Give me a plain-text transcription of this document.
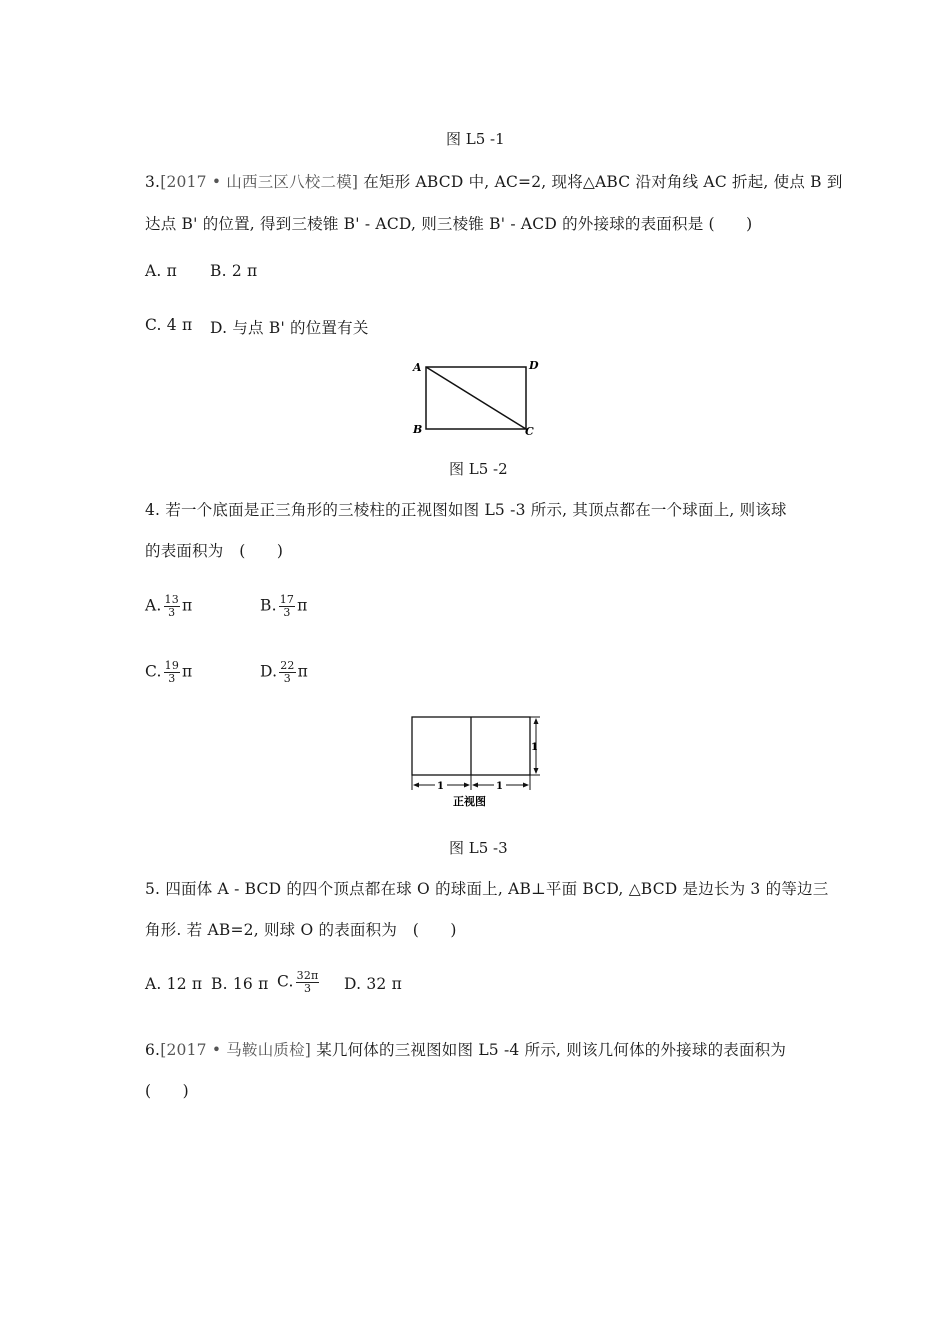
图 L5 -1
3.[2017 • 山西三区八校二模] 在矩形 ABCD 中, AC=2, 现将△ABC 沿对角线 AC 折起, 使点 B 到
达点 B' 的位置, 得到三棱锥 B' - ACD, 则三棱锥 B' - ACD 的外接球的表面积是 (　　)
A. π B. 2 π
C. 4 π D. 与点 B' 的位置有关
A	D
B	C
图 L5 -2
4. 若一个底面是正三角形的三棱柱的正视图如图 L5 -3 所示, 其顶点都在一个球面上, 则该球
的表面积为　(　　)
A. $\frac{13}{3}$ π	B. $\frac{17}{3}$ π
C. $\frac{19}{3}$ π	D. $\frac{22}{3}$ π
1
1	1
正视图
图 L5 -3
5. 四面体 A - BCD 的四个顶点都在球 O 的球面上, AB⊥平面 BCD, △BCD 是边长为 3 的等边三
角形. 若 AB=2, 则球 O 的表面积为　(　　)
A. 12 π B. 16 π C. $\frac{32\pi}{3} D$. 32 π
6.[2017 • 马鞍山质检] 某几何体的三视图如图 L5 -4 所示, 则该几何体的外接球的表面积为
(　　)
